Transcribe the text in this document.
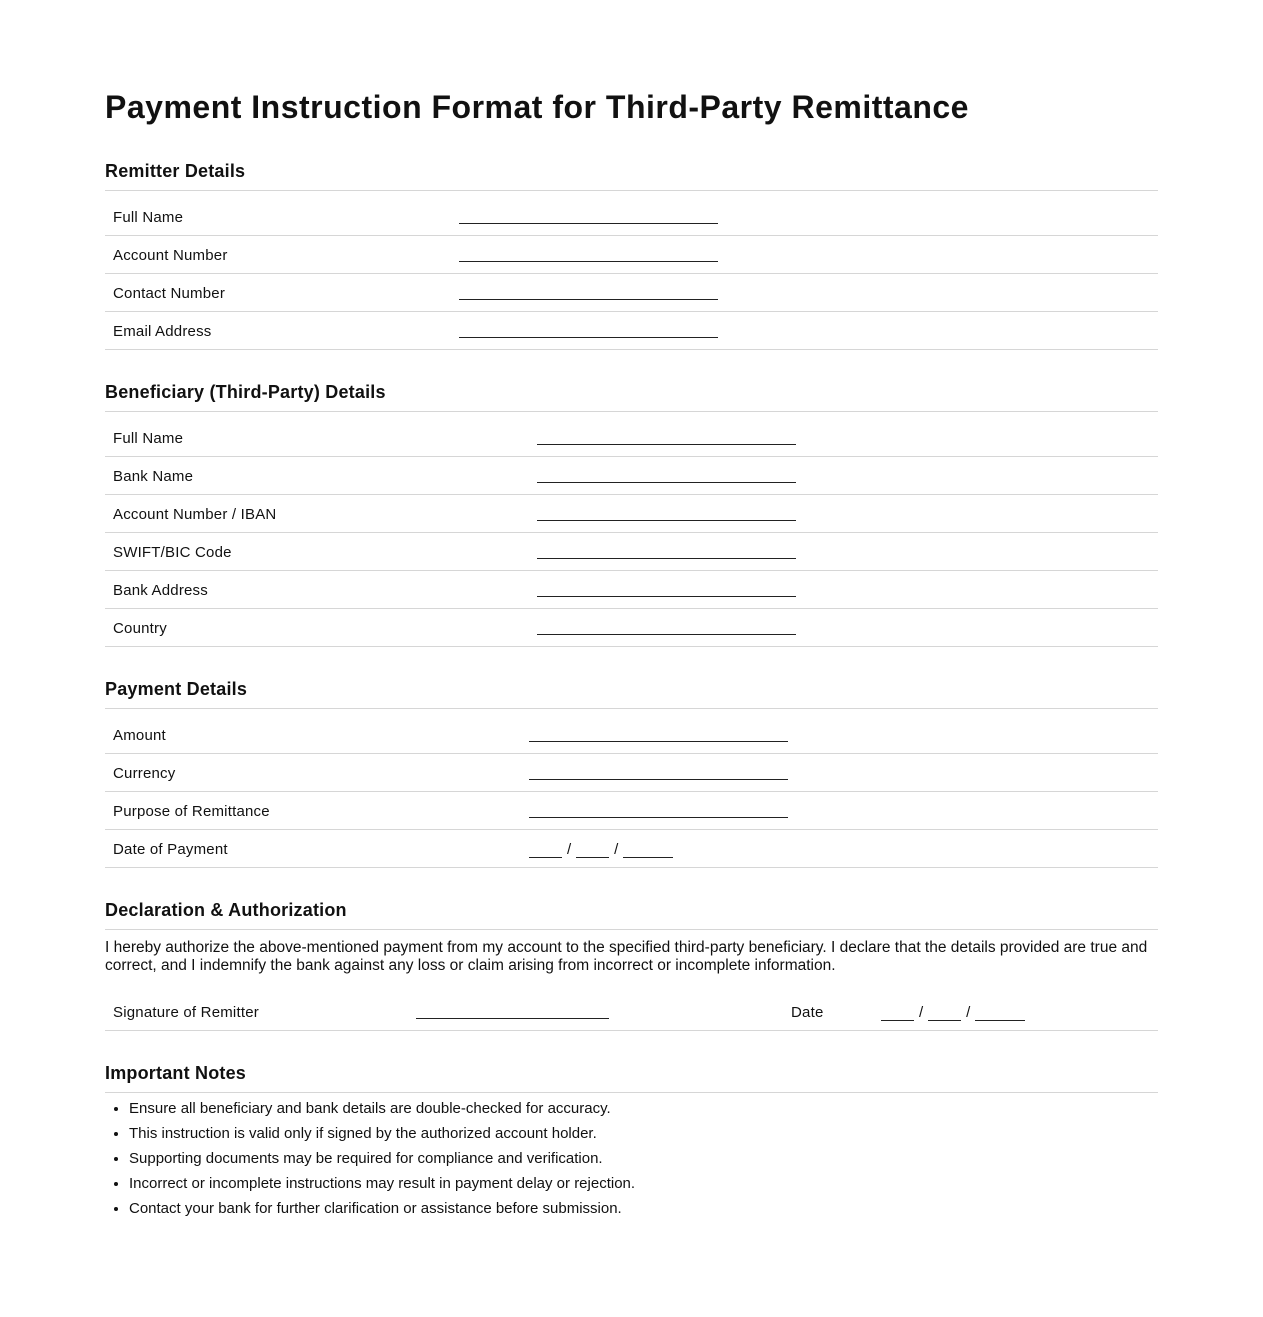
Payment Instruction Format for Third-Party Remittance
Remitter Details
Full Name
Account Number
Contact Number
Email Address
Beneficiary (Third-Party) Details
Full Name
Bank Name
Account Number / IBAN
SWIFT/BIC Code
Bank Address
Country
Payment Details
Amount
Currency
Purpose of Remittance
Date of Payment	/	/
Declaration & Authorization

I hereby authorize the above-mentioned payment from my account to the specified third-party beneficiary. I declare that the details provided are true and correct, and I indemnify the bank against any loss or claim arising from incorrect or incomplete information.

Signature of Remitter	Date	/	/
Important Notes
• Ensure all beneficiary and bank details are double-checked for accuracy.
• This instruction is valid only if signed by the authorized account holder.
• Supporting documents may be required for compliance and verification.
• Incorrect or incomplete instructions may result in payment delay or rejection.
• Contact your bank for further clarification or assistance before submission.
